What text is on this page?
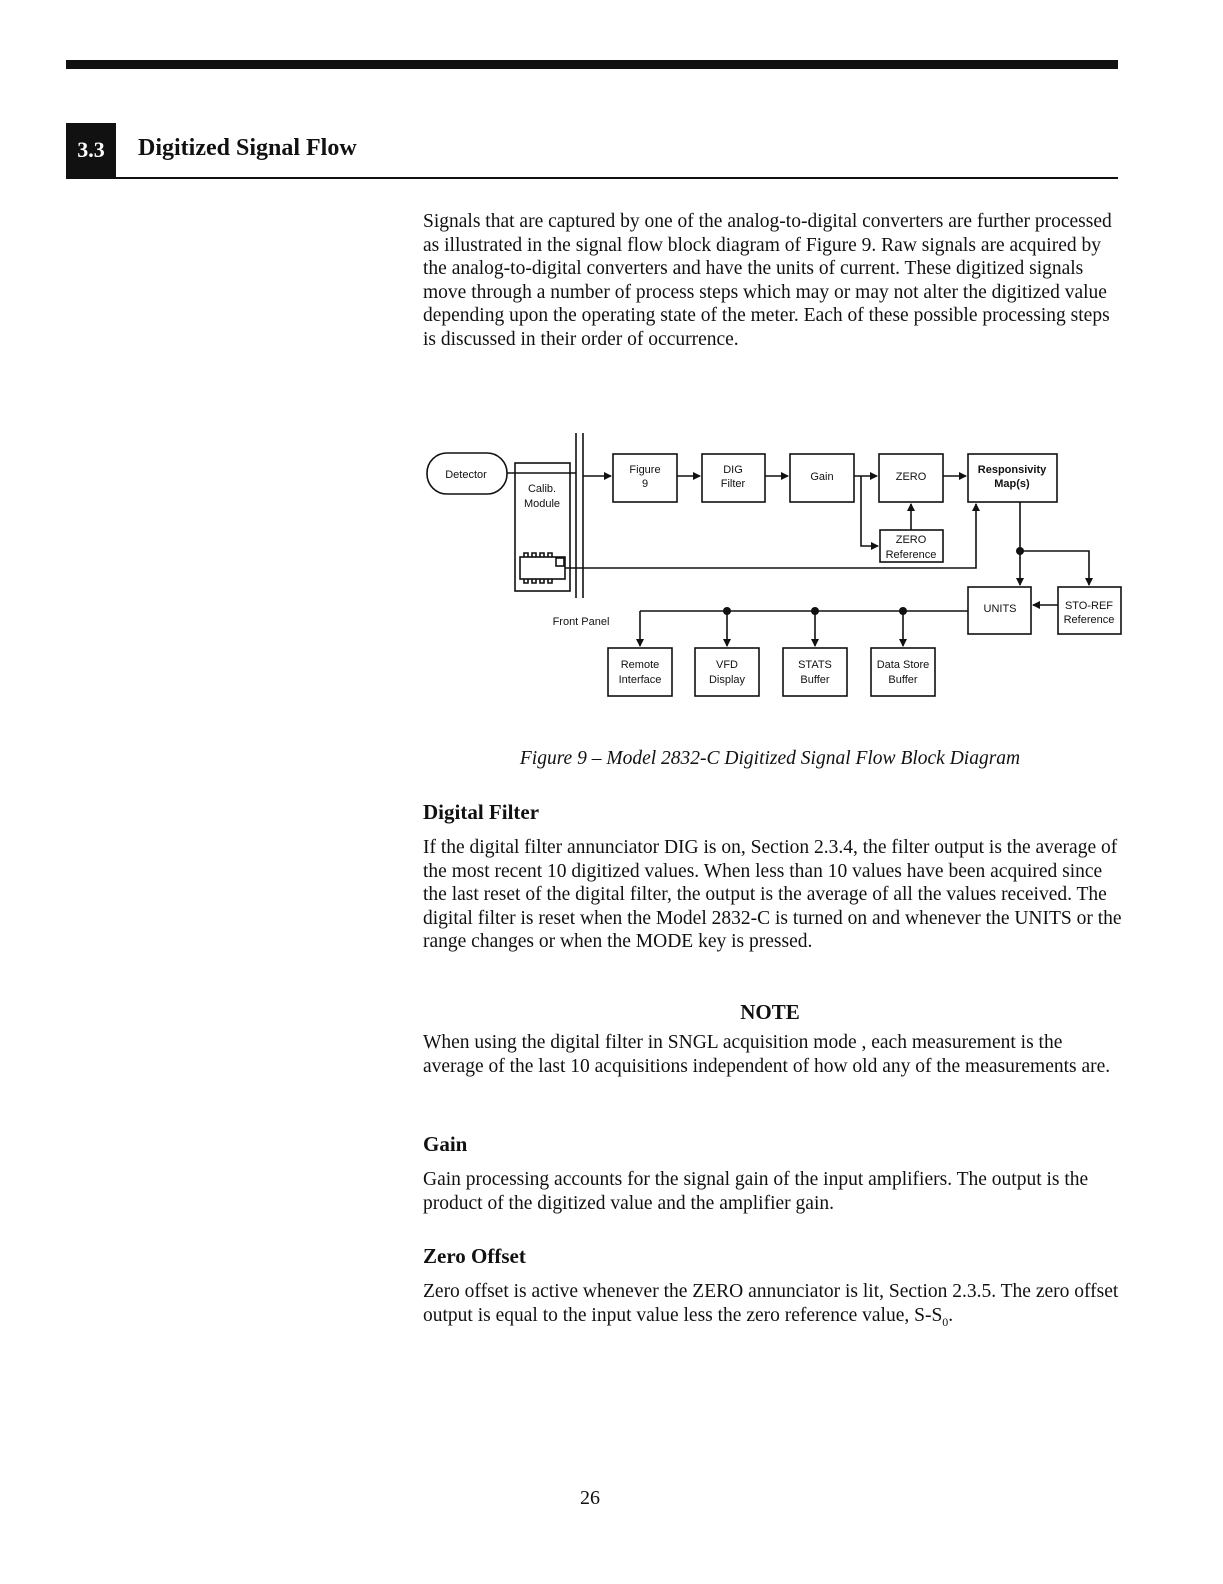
3.3	Digitized Signal Flow
Signals that are captured by one of the analog-to-digital converters are further processed as illustrated in the signal flow block diagram of Figure 9. Raw signals are acquired by the analog-to-digital converters and have the units of current. These digitized signals move through a number of process steps which may or may not alter the digitized value depending upon the operating state of the meter. Each of these possible processing steps is discussed in their order of occurrence.
Detector
Calib.
Module
Figure
9
DIG
Filter
Gain	ZERO
Responsivity
Map(s)
ZERO
Reference
UNITS	STO-REF
Reference
Front Panel
Remote
Interface
VFD
Display
STATS
Buffer
Data Store
Buffer
Figure 9 – Model 2832-C Digitized Signal Flow Block Diagram
Digital Filter
If the digital filter annunciator DIG is on, Section 2.3.4, the filter output is the average of the most recent 10 digitized values. When less than 10 values have been acquired since the last reset of the digital filter, the output is the average of all the values received. The digital filter is reset when the Model 2832-C is turned on and whenever the UNITS or the range changes or when the MODE key is pressed.
NOTE
When using the digital filter in SNGL acquisition mode , each measurement is the average of the last 10 acquisitions independent of how old any of the measurements are.
Gain
Gain processing accounts for the signal gain of the input amplifiers. The output is the product of the digitized value and the amplifier gain.
Zero Offset
Zero offset is active whenever the ZERO annunciator is lit, Section 2.3.5. The zero offset output is equal to the input value less the zero reference value, $S-S_0$.
26
